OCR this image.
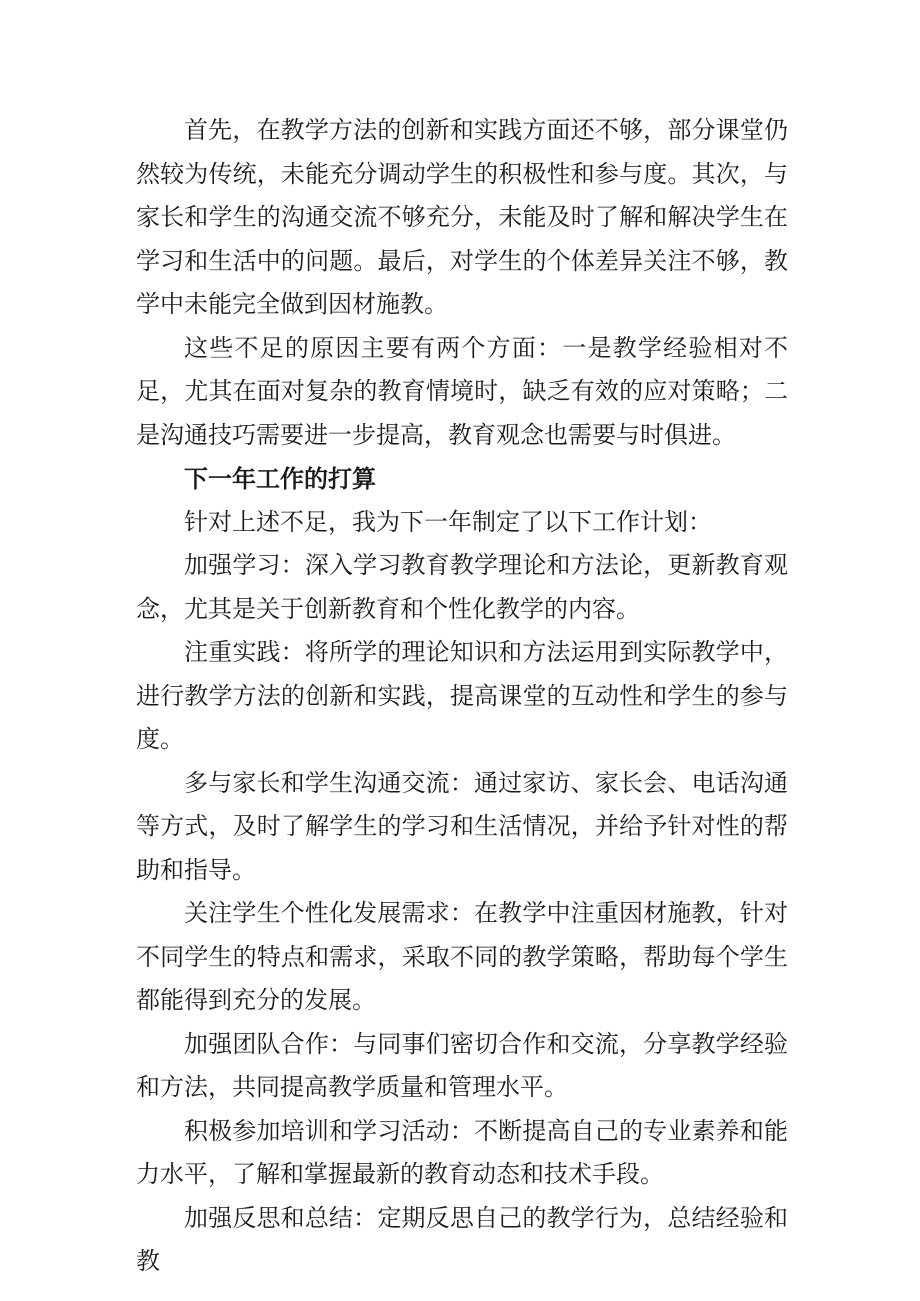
首先，在教学方法的创新和实践方面还不够，部分课堂仍然较为传统，未能充分调动学生的积极性和参与度。其次，与家长和学生的沟通交流不够充分，未能及时了解和解决学生在学习和生活中的问题。最后，对学生的个体差异关注不够，教学中未能完全做到因材施教。

这些不足的原因主要有两个方面：一是教学经验相对不足，尤其在面对复杂的教育情境时，缺乏有效的应对策略；二是沟通技巧需要进一步提高，教育观念也需要与时俱进。

下一年工作的打算

针对上述不足，我为下一年制定了以下工作计划：

加强学习：深入学习教育教学理论和方法论，更新教育观念，尤其是关于创新教育和个性化教学的内容。

注重实践：将所学的理论知识和方法运用到实际教学中，进行教学方法的创新和实践，提高课堂的互动性和学生的参与度。

多与家长和学生沟通交流：通过家访、家长会、电话沟通等方式，及时了解学生的学习和生活情况，并给予针对性的帮助和指导。

关注学生个性化发展需求：在教学中注重因材施教，针对不同学生的特点和需求，采取不同的教学策略，帮助每个学生都能得到充分的发展。

加强团队合作：与同事们密切合作和交流，分享教学经验和方法，共同提高教学质量和管理水平。

积极参加培训和学习活动：不断提高自己的专业素养和能力水平，了解和掌握最新的教育动态和技术手段。

加强反思和总结：定期反思自己的教学行为，总结经验和教
